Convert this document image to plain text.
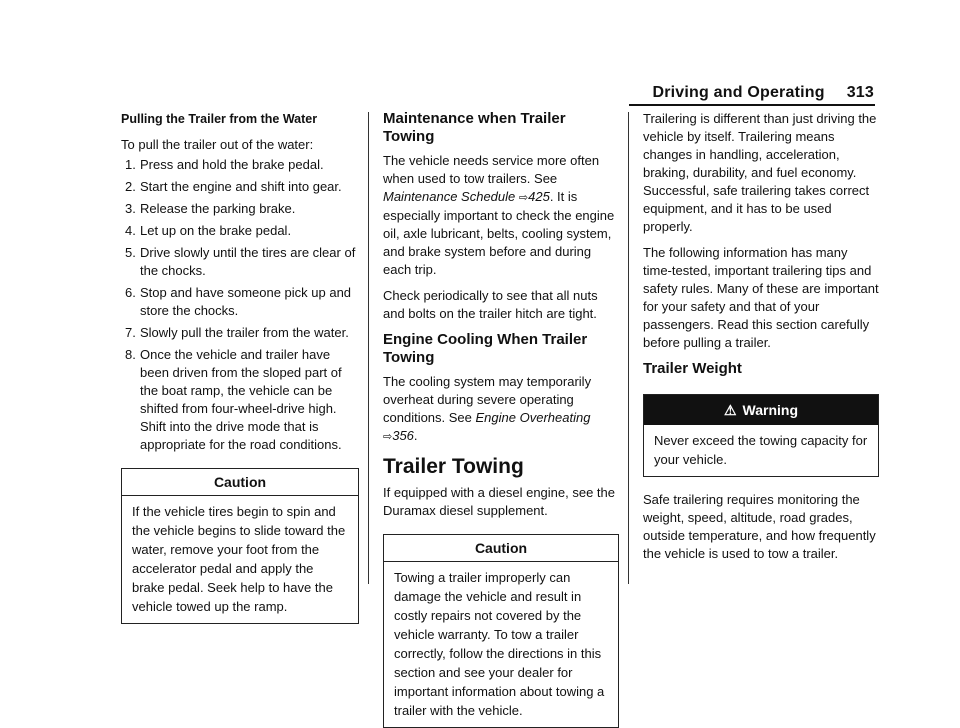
Driving and Operating 313
Pulling the Trailer from the Water

To pull the trailer out of the water:

1. Press and hold the brake pedal.
2. Start the engine and shift into gear.
3. Release the parking brake.
4. Let up on the brake pedal.
5. Drive slowly until the tires are clear of the chocks.
6. Stop and have someone pick up and store the chocks.
7. Slowly pull the trailer from the water.
8. Once the vehicle and trailer have been driven from the sloped part of the boat ramp, the vehicle can be shifted from four-wheel-drive high. Shift into the drive mode that is appropriate for the road conditions.
Caution
If the vehicle tires begin to spin and the vehicle begins to slide toward the water, remove your foot from the accelerator pedal and apply the brake pedal. Seek help to have the vehicle towed up the ramp.
Maintenance when Trailer Towing

The vehicle needs service more often when used to tow trailers. See Maintenance Schedule ⇨425. It is especially important to check the engine oil, axle lubricant, belts, cooling system, and brake system before and during each trip.

Check periodically to see that all nuts and bolts on the trailer hitch are tight.

Engine Cooling When Trailer Towing

The cooling system may temporarily overheat during severe operating conditions. See Engine Overheating ⇨356.

Trailer Towing

If equipped with a diesel engine, see the Duramax diesel supplement.

Caution
Towing a trailer improperly can damage the vehicle and result in costly repairs not covered by the vehicle warranty. To tow a trailer correctly, follow the directions in this section and see your dealer for important information about towing a trailer with the vehicle.

Trailering is different than just driving the vehicle by itself. Trailering means changes in handling, acceleration, braking, durability, and fuel economy. Successful, safe trailering takes correct equipment, and it has to be used properly.

The following information has many time-tested, important trailering tips and safety rules. Many of these are important for your safety and that of your passengers. Read this section carefully before pulling a trailer.

Trailer Weight
⚠ Warning
Never exceed the towing capacity for your vehicle.

Safe trailering requires monitoring the weight, speed, altitude, road grades, outside temperature, and how frequently the vehicle is used to tow a trailer.
